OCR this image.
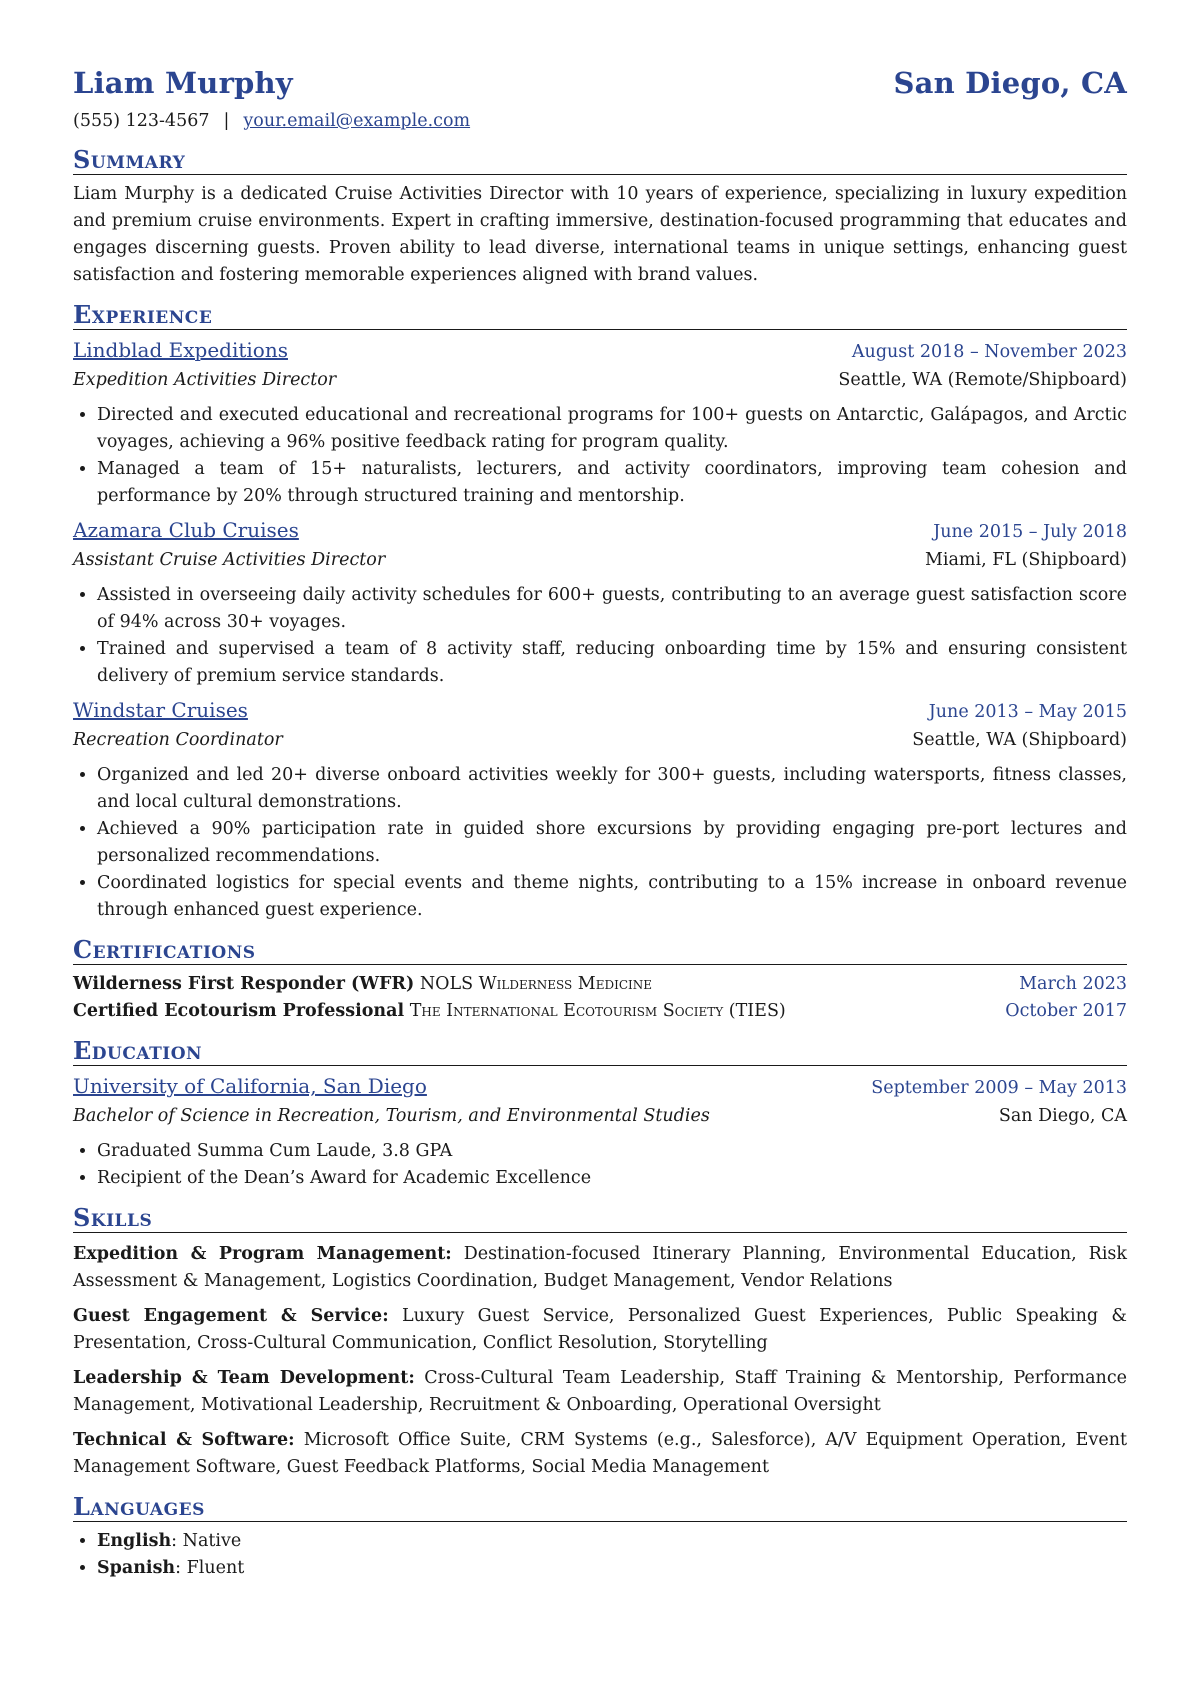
Liam Murphy	San Diego, CA
(555) 123-4567 | your.email@example.com
Summary
Liam Murphy is a dedicated Cruise Activities Director with 10 years of experience, specializing in luxury expedition and premium cruise environments. Expert in crafting immersive, destination-focused programming that educates and engages discerning guests. Proven ability to lead diverse, international teams in unique settings, enhancing guest satisfaction and fostering memorable experiences aligned with brand values.
Experience
Lindblad Expeditions	August 2018 – November 2023
Expedition Activities Director	Seattle, WA (Remote/Shipboard)
• Directed and executed educational and recreational programs for 100+ guests on Antarctic, Galápagos, and Arctic voyages, achieving a 96% positive feedback rating for program quality.
• Managed a team of 15+ naturalists, lecturers, and activity coordinators, improving team cohesion and performance by 20% through structured training and mentorship.
Azamara Club Cruises	June 2015 – July 2018
Assistant Cruise Activities Director	Miami, FL (Shipboard)
• Assisted in overseeing daily activity schedules for 600+ guests, contributing to an average guest satisfaction score of 94% across 30+ voyages.
• Trained and supervised a team of 8 activity staff, reducing onboarding time by 15% and ensuring consistent delivery of premium service standards.
Windstar Cruises	June 2013 – May 2015
Recreation Coordinator	Seattle, WA (Shipboard)
• Organized and led 20+ diverse onboard activities weekly for 300+ guests, including watersports, fitness classes, and local cultural demonstrations.
• Achieved a 90% participation rate in guided shore excursions by providing engaging pre-port lectures and personalized recommendations.
• Coordinated logistics for special events and theme nights, contributing to a 15% increase in onboard revenue through enhanced guest experience.
Certifications
Wilderness First Responder (WFR) NOLS Wilderness Medicine	March 2023
Certified Ecotourism Professional The International Ecotourism Society (TIES)	October 2017
Education
University of California, San Diego	September 2009 – May 2013
Bachelor of Science in Recreation, Tourism, and Environmental Studies	San Diego, CA
• Graduated Summa Cum Laude, 3.8 GPA
• Recipient of the Dean’s Award for Academic Excellence
Skills
Expedition & Program Management: Destination-focused Itinerary Planning, Environmental Education, Risk Assessment & Management, Logistics Coordination, Budget Management, Vendor Relations
Guest Engagement & Service: Luxury Guest Service, Personalized Guest Experiences, Public Speaking & Presentation, Cross-Cultural Communication, Conflict Resolution, Storytelling
Leadership & Team Development: Cross-Cultural Team Leadership, Staff Training & Mentorship, Performance Management, Motivational Leadership, Recruitment & Onboarding, Operational Oversight
Technical & Software: Microsoft Office Suite, CRM Systems (e.g., Salesforce), A/V Equipment Operation, Event Management Software, Guest Feedback Platforms, Social Media Management
Languages
• English: Native
• Spanish: Fluent
